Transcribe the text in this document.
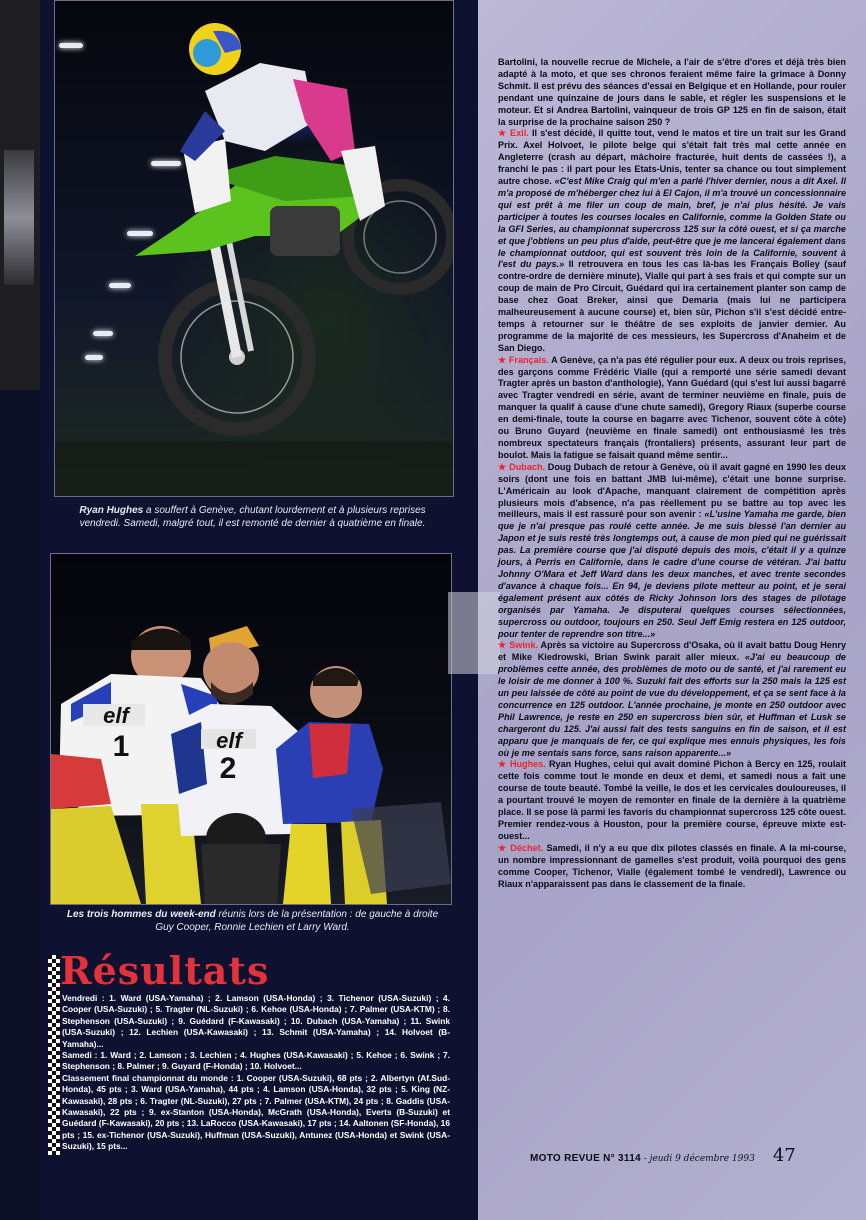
Ryan Hughes a souffert à Genève, chutant lourdement et à plusieurs reprises vendredi. Samedi, malgré tout, il est remonté de dernier à quatrième en finale.
elf
1	elf
2
Les trois hommes du week-end réunis lors de la présentation : de gauche à droite Guy Cooper, Ronnie Lechien et Larry Ward.
Résultats
Vendredi : 1. Ward (USA-Yamaha) ; 2. Lamson (USA-Honda) ; 3. Tichenor (USA-Suzuki) ; 4. Cooper (USA-Suzuki) ; 5. Tragter (NL-Suzuki) ; 6. Kehoe (USA-Honda) ; 7. Palmer (USA-KTM) ; 8. Stephenson (USA-Suzuki) ; 9. Guédard (F-Kawasaki) ; 10. Dubach (USA-Yamaha) ; 11. Swink (USA-Suzuki) ; 12. Lechien (USA-Kawasaki) ; 13. Schmit (USA-Yamaha) ; 14. Holvoet (B-Yamaha)...
Samedi : 1. Ward ; 2. Lamson ; 3. Lechien ; 4. Hughes (USA-Kawasaki) ; 5. Kehoe ; 6. Swink ; 7. Stephenson ; 8. Palmer ; 9. Guyard (F-Honda) ; 10. Holvoet...
Classement final championnat du monde : 1. Cooper (USA-Suzuki), 68 pts ; 2. Albertyn (Af.Sud-Honda), 45 pts ; 3. Ward (USA-Yamaha), 44 pts ; 4. Lamson (USA-Honda), 32 pts ; 5. King (NZ-Kawasaki), 28 pts ; 6. Tragter (NL-Suzuki), 27 pts ; 7. Palmer (USA-KTM), 24 pts ; 8. Gaddis (USA-Kawasaki), 22 pts ; 9. ex-Stanton (USA-Honda), McGrath (USA-Honda), Everts (B-Suzuki) et Guédard (F-Kawasaki), 20 pts ; 13. LaRocco (USA-Kawasaki), 17 pts ; 14. Aaltonen (SF-Honda), 16 pts ; 15. ex-Tichenor (USA-Suzuki), Huffman (USA-Suzuki), Antunez (USA-Honda) et Swink (USA-Suzuki), 15 pts...

Bartolini, la nouvelle recrue de Michele, a l'air de s'être d'ores et déjà très bien adapté à la moto, et que ses chronos feraient même faire la grimace à Donny Schmit. Il est prévu des séances d'essai en Belgique et en Hollande, pour rouler pendant une quinzaine de jours dans le sable, et régler les suspensions et le moteur. Et si Andrea Bartolini, vainqueur de trois GP 125 en fin de saison, était la surprise de la prochaine saison 250 ?

★ Exil. Il s'est décidé, il quitte tout, vend le matos et tire un trait sur les Grand Prix. Axel Holvoet, le pilote belge qui s'était fait très mal cette année en Angleterre (crash au départ, mâchoire fracturée, huit dents de cassées !), a franchi le pas : il part pour les Etats-Unis, tenter sa chance ou tout simplement autre chose. «C'est Mike Craig qui m'en a parlé l'hiver dernier, nous a dit Axel. Il m'a proposé de m'héberger chez lui à El Cajon, il m'a trouvé un concessionnaire qui est prêt à me filer un coup de main, bref, je n'ai plus hésité. Je vais participer à toutes les courses locales en Californie, comme la Golden State ou la GFI Series, au championnat supercross 125 sur la côté ouest, et si ça marche et que j'obtiens un peu plus d'aide, peut-être que je me lancerai également dans le championnat outdoor, qui est souvent très loin de la Californie, souvent à l'est du pays.» Il retrouvera en tous les cas là-bas les Français Bolley (sauf contre-ordre de dernière minute), Vialle qui part à ses frais et qui compte sur un coup de main de Pro Circuit, Guédard qui ira certainement planter son camp de base chez Goat Breker, ainsi que Demaria (mais lui ne participera malheureusement à aucune course) et, bien sûr, Pichon s'il s'est décidé entre-temps à retourner sur le théâtre de ses exploits de janvier dernier. Au programme de la majorité de ces messieurs, les Supercross d'Anaheim et de San Diego.

★ Français. A Genève, ça n'a pas été régulier pour eux. A deux ou trois reprises, des garçons comme Frédéric Vialle (qui a remporté une série samedi devant Tragter après un baston d'anthologie), Yann Guédard (qui s'est lui aussi bagarré avec Tragter vendredi en série, avant de terminer neuvième en finale, puis de manquer la qualif à cause d'une chute samedi), Gregory Riaux (superbe course en demi-finale, toute la course en bagarre avec Tichenor, souvent côte à côte) ou Bruno Guyard (neuvième en finale samedi) ont enthousiasmé les très nombreux spectateurs français (frontaliers) présents, assurant leur part de boulot. Mais la fatigue se faisait quand même sentir...

★ Dubach. Doug Dubach de retour à Genève, où il avait gagné en 1990 les deux soirs (dont une fois en battant JMB lui-même), c'était une bonne surprise. L'Américain au look d'Apache, manquant clairement de compétition après plusieurs mois d'absence, n'a pas réellement pu se battre au top avec les meilleurs, mais il est rassuré pour son avenir : «L'usine Yamaha me garde, bien que je n'ai presque pas roulé cette année. Je me suis blessé l'an dernier au Japon et je suis resté très longtemps out, à cause de mon pied qui ne guérissait pas. La première course que j'ai disputé depuis des mois, c'était il y a quinze jours, à Perris en Californie, dans le cadre d'une course de vétéran. J'ai battu Johnny O'Mara et Jeff Ward dans les deux manches, et avec trente secondes d'avance à chaque fois... En 94, je deviens pilote metteur au point, et je serai également présent aux côtés de Ricky Johnson lors des stages de pilotage organisés par Yamaha. Je disputerai quelques courses sélectionnées, supercross ou outdoor, toujours en 250. Seul Jeff Emig restera en 125 outdoor, pour tenter de reprendre son titre...»

★ Swink. Après sa victoire au Supercross d'Osaka, où il avait battu Doug Henry et Mike Kiedrowski, Brian Swink parait aller mieux. «J'ai eu beaucoup de problèmes cette année, des problèmes de moto ou de santé, et j'ai rarement eu le loisir de me donner à 100 %. Suzuki fait des efforts sur la 250 mais la 125 est un peu laissée de côté au point de vue du développement, et ça se sent face à la concurrence en 125 outdoor. L'année prochaine, je monte en 250 outdoor avec Phil Lawrence, je reste en 250 en supercross bien sûr, et Huffman et Lusk se chargeront du 125. J'ai aussi fait des tests sanguins en fin de saison, et il est apparu que je manquais de fer, ce qui explique mes ennuis physiques, les fois où je me sentais sans force, sans raison apparente...»

★ Hughes. Ryan Hughes, celui qui avait dominé Pichon à Bercy en 125, roulait cette fois comme tout le monde en deux et demi, et samedi nous a fait une course de toute beauté. Tombé la veille, le dos et les cervicales douloureuses, il a pourtant trouvé le moyen de remonter en finale de la dernière à la quatrième place. Il se pose là parmi les favoris du championnat supercross 125 côte ouest. Premier rendez-vous à Houston, pour la première course, épreuve mixte est-ouest...

★ Déchet. Samedi, il n'y a eu que dix pilotes classés en finale. A la mi-course, un nombre impressionnant de gamelles s'est produit, voilà pourquoi des gens comme Cooper, Tichenor, Vialle (également tombé le vendredi), Lawrence ou Riaux n'apparaissent pas dans le classement de la finale.

MOTO REVUE N° 3114 - jeudi 9 décembre 1993 47
